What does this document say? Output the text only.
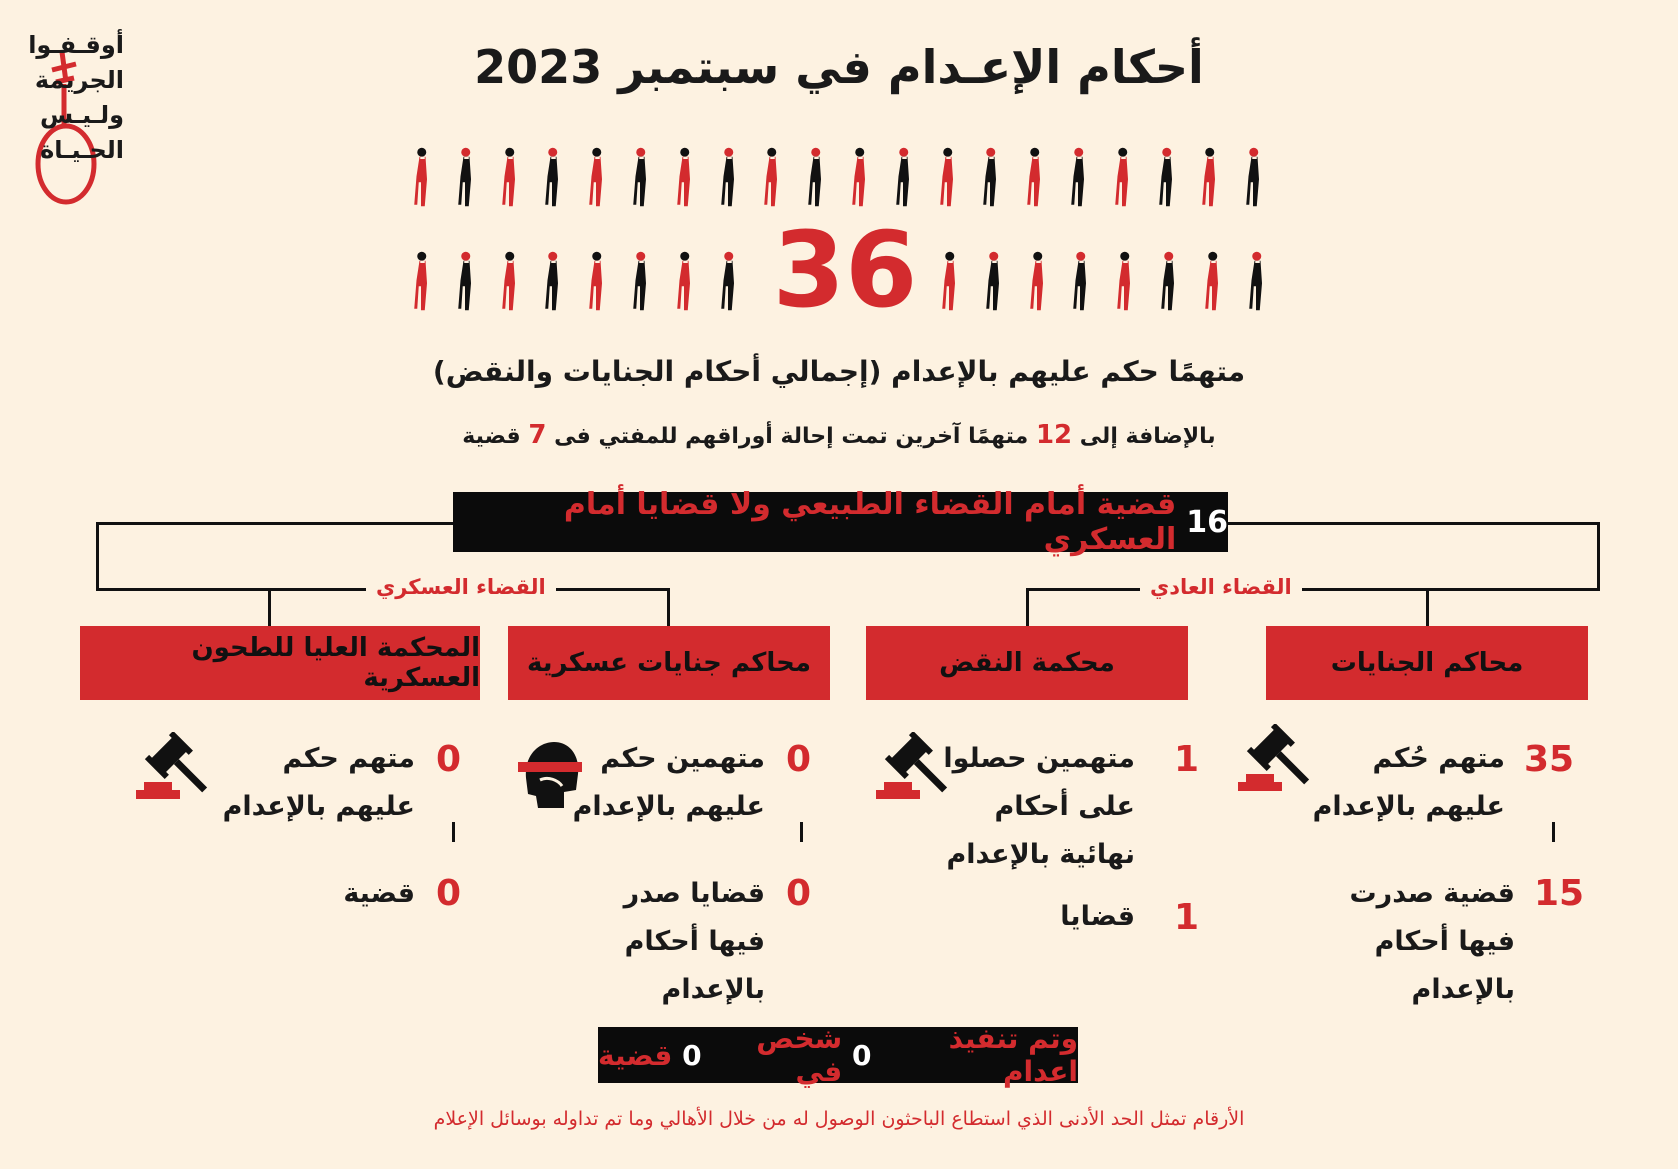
أوقـفـوا
الجريمة
ولـيـس
الحـيـاة
أحكام الإعـدام في سبتمبر 2023
36
متهمًا حكم عليهم بالإعدام (إجمالي أحكام الجنايات والنقض)
بالإضافة إلى 12 متهمًا آخرين تمت إحالة أوراقهم للمفتي فى 7 قضية
16
قضية أمام القضاء الطبيعي ولا قضايا أمام العسكري
القضاء العسكري	القضاء العادي
المحكمة العليا للطحون العسكرية	محاكم جنايات عسكرية	محكمة النقض	محاكم الجنايات
0
متهم حكم عليهم بالإعدام
0
قضية
0
متهمين حكم عليهم بالإعدام
0
قضايا صدر فيها أحكام بالإعدام
1
متهمين حصلوا على أحكام نهائية بالإعدام
1
قضايا
35
متهم حُكم عليهم بالإعدام
15
قضية صدرت فيها أحكام بالإعدام
وتم تنفيذ اعدام

0

شخص في

0

قضية
الأرقام تمثل الحد الأدنى الذي استطاع الباحثون الوصول له من خلال الأهالي وما تم تداوله بوسائل الإعلام
